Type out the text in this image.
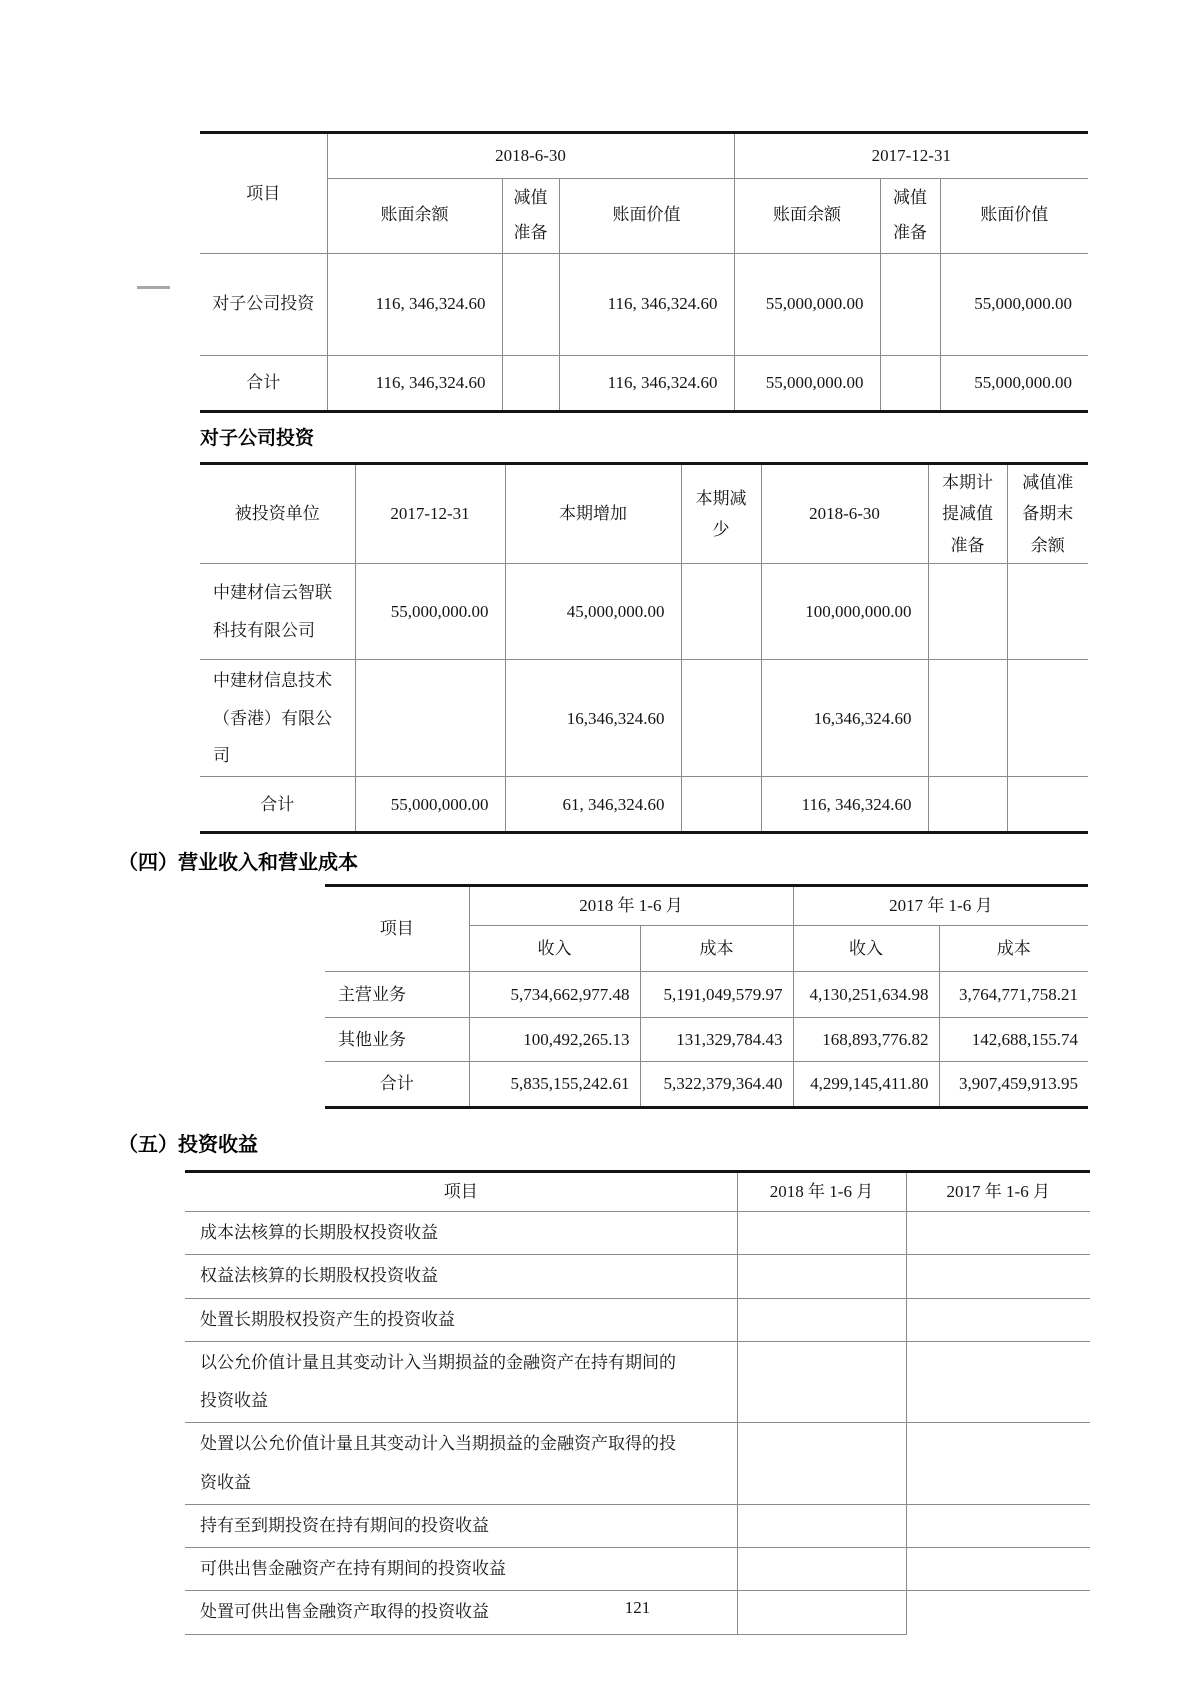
项目	2018-6-30			2017-12-31		
	账面余额	减值准备	账面价值	账面余额	减值准备	账面价值
对子公司投资	116, 346,324.60		116, 346,324.60	55,000,000.00		55,000,000.00
合计	116, 346,324.60		116, 346,324.60	55,000,000.00		55,000,000.00
对子公司投资
被投资单位	2017-12-31	本期增加	本期减少	2018-6-30	本期计提减值准备	减值准备期末余额
中建材信云智联科技有限公司	55,000,000.00	45,000,000.00		100,000,000.00		
中建材信息技术（香港）有限公司		16,346,324.60		16,346,324.60		
合计	55,000,000.00	61, 346,324.60		116, 346,324.60		
（四）营业收入和营业成本
项目	2018 年 1-6 月		2017 年 1-6 月	
	收入	成本	收入	成本
主营业务	5,734,662,977.48	5,191,049,579.97	4,130,251,634.98	3,764,771,758.21
其他业务	100,492,265.13	131,329,784.43	168,893,776.82	142,688,155.74
合计	5,835,155,242.61	5,322,379,364.40	4,299,145,411.80	3,907,459,913.95
（五）投资收益
项目	2018 年 1-6 月	2017 年 1-6 月
成本法核算的长期股权投资收益		
权益法核算的长期股权投资收益		
处置长期股权投资产生的投资收益		
以公允价值计量且其变动计入当期损益的金融资产在持有期间的投资收益		
处置以公允价值计量且其变动计入当期损益的金融资产取得的投资收益		
持有至到期投资在持有期间的投资收益		
可供出售金融资产在持有期间的投资收益		
处置可供出售金融资产取得的投资收益			121
